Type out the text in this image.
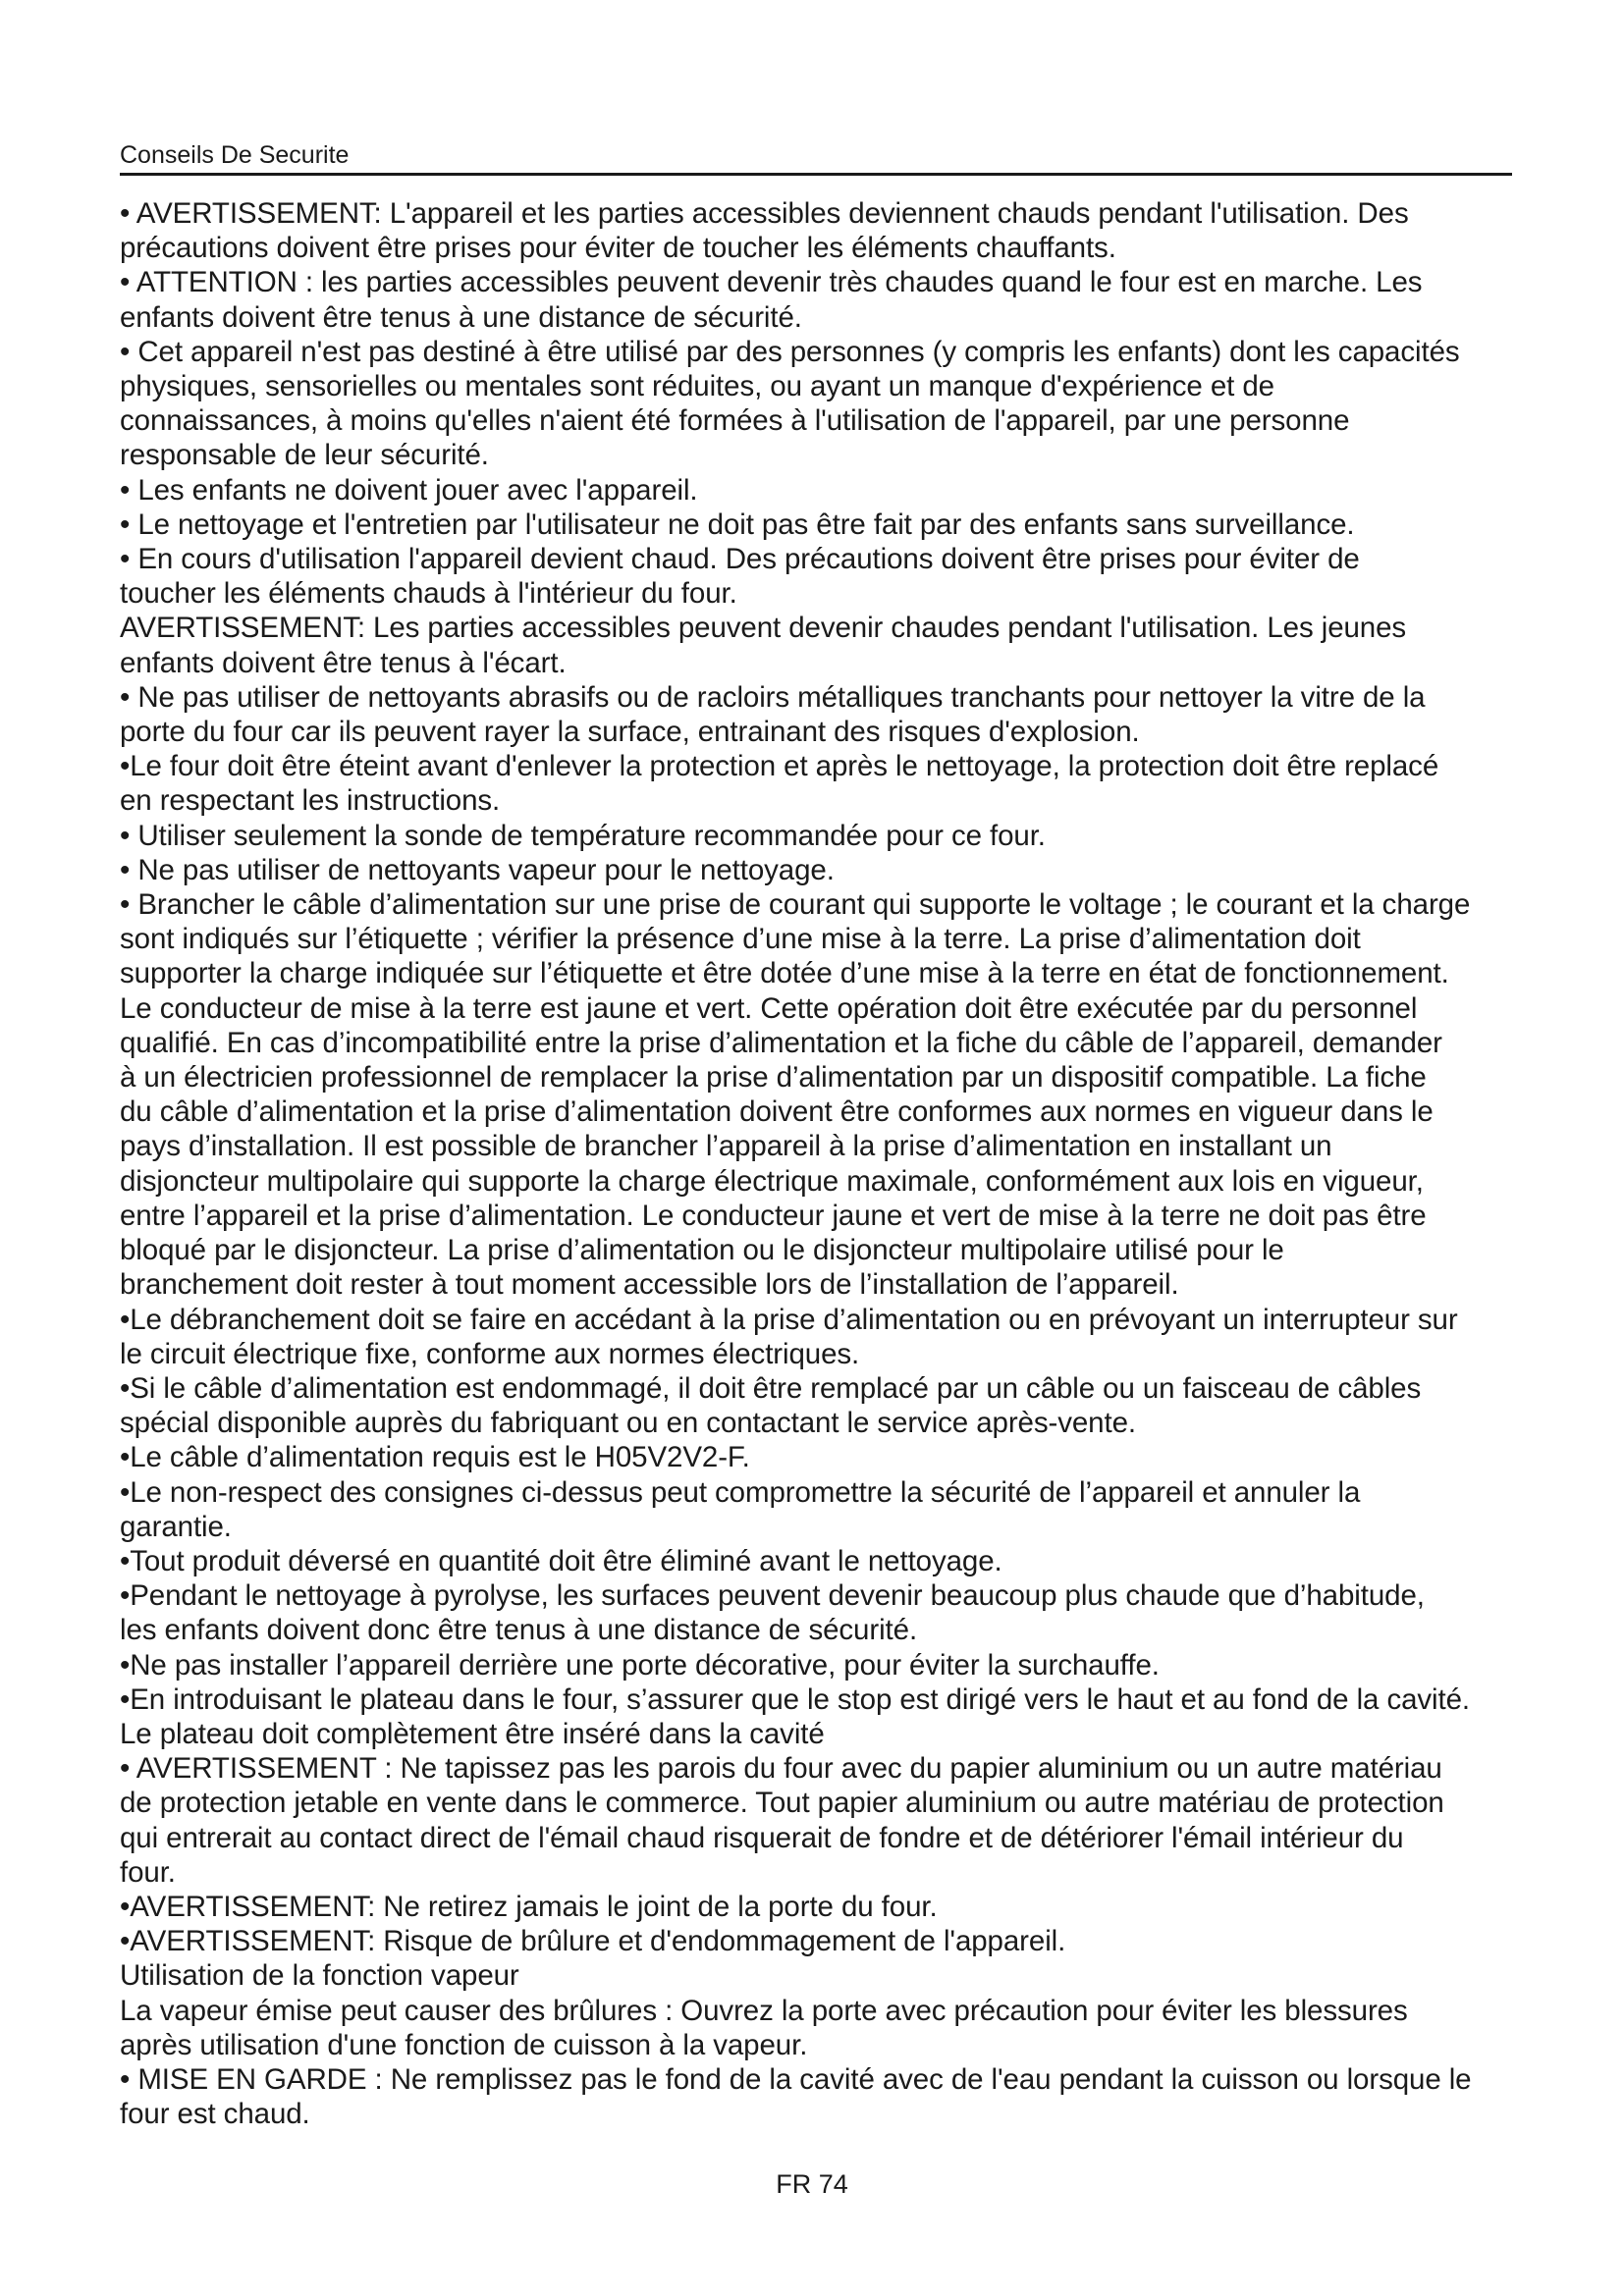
Conseils De Securite

• AVERTISSEMENT: L'appareil et les parties accessibles deviennent chauds pendant l'utilisation. Des
précautions doivent être prises pour éviter de toucher les éléments chauffants.

• ATTENTION : les parties accessibles peuvent devenir très chaudes quand le four est en marche. Les
enfants doivent être tenus à une distance de sécurité.

• Cet appareil n'est pas destiné à être utilisé par des personnes (y compris les enfants) dont les capacités
physiques, sensorielles ou mentales sont réduites, ou ayant un manque d'expérience et de
connaissances, à moins qu'elles n'aient été formées à l'utilisation de l'appareil, par une personne
responsable de leur sécurité.

• Les enfants ne doivent jouer avec l'appareil.

• Le nettoyage et l'entretien par l'utilisateur ne doit pas être fait par des enfants sans surveillance.

• En cours d'utilisation l'appareil devient chaud. Des précautions doivent être prises pour éviter de
toucher les éléments chauds à l'intérieur du four.

AVERTISSEMENT: Les parties accessibles peuvent devenir chaudes pendant l'utilisation. Les jeunes
enfants doivent être tenus à l'écart.

• Ne pas utiliser de nettoyants abrasifs ou de racloirs métalliques tranchants pour nettoyer la vitre de la
porte du four car ils peuvent rayer la surface, entrainant des risques d'explosion.

•Le four doit être éteint avant d'enlever la protection et après le nettoyage, la protection doit être replacé
en respectant les instructions.

• Utiliser seulement la sonde de température recommandée pour ce four.

• Ne pas utiliser de nettoyants vapeur pour le nettoyage.

• Brancher le câble d’alimentation sur une prise de courant qui supporte le voltage ; le courant et la charge
sont indiqués sur l’étiquette ; vérifier la présence d’une mise à la terre. La prise d’alimentation doit
supporter la charge indiquée sur l’étiquette et être dotée d’une mise à la terre en état de fonctionnement.
Le conducteur de mise à la terre est jaune et vert. Cette opération doit être exécutée par du personnel
qualifié. En cas d’incompatibilité entre la prise d’alimentation et la fiche du câble de l’appareil, demander
à un électricien professionnel de remplacer la prise d’alimentation par un dispositif compatible. La fiche
du câble d’alimentation et la prise d’alimentation doivent être conformes aux normes en vigueur dans le
pays d’installation. Il est possible de brancher l’appareil à la prise d’alimentation en installant un
disjoncteur multipolaire qui supporte la charge électrique maximale, conformément aux lois en vigueur,
entre l’appareil et la prise d’alimentation. Le conducteur jaune et vert de mise à la terre ne doit pas être
bloqué par le disjoncteur. La prise d’alimentation ou le disjoncteur multipolaire utilisé pour le
branchement doit rester à tout moment accessible lors de l’installation de l’appareil.

•Le débranchement doit se faire en accédant à la prise d’alimentation ou en prévoyant un interrupteur sur
le circuit électrique fixe, conforme aux normes électriques.

•Si le câble d’alimentation est endommagé, il doit être remplacé par un câble ou un faisceau de câbles
spécial disponible auprès du fabriquant ou en contactant le service après-vente.

•Le câble d’alimentation requis est le H05V2V2-F.

•Le non-respect des consignes ci-dessus peut compromettre la sécurité de l’appareil et annuler la
garantie.

•Tout produit déversé en quantité doit être éliminé avant le nettoyage.

•Pendant le nettoyage à pyrolyse, les surfaces peuvent devenir beaucoup plus chaude que d’habitude,
les enfants doivent donc être tenus à une distance de sécurité.

•Ne pas installer l’appareil derrière une porte décorative, pour éviter la surchauffe.

•En introduisant le plateau dans le four, s’assurer que le stop est dirigé vers le haut et au fond de la cavité.
Le plateau doit complètement être inséré dans la cavité

• AVERTISSEMENT : Ne tapissez pas les parois du four avec du papier aluminium ou un autre matériau
de protection jetable en vente dans le commerce. Tout papier aluminium ou autre matériau de protection
qui entrerait au contact direct de l'émail chaud risquerait de fondre et de détériorer l'émail intérieur du
four.

•AVERTISSEMENT: Ne retirez jamais le joint de la porte du four.

•AVERTISSEMENT: Risque de brûlure et d'endommagement de l'appareil.

Utilisation de la fonction vapeur

La vapeur émise peut causer des brûlures : Ouvrez la porte avec précaution pour éviter les blessures
après utilisation d'une fonction de cuisson à la vapeur.

• MISE EN GARDE : Ne remplissez pas le fond de la cavité avec de l'eau pendant la cuisson ou lorsque le
four est chaud.

FR 74
